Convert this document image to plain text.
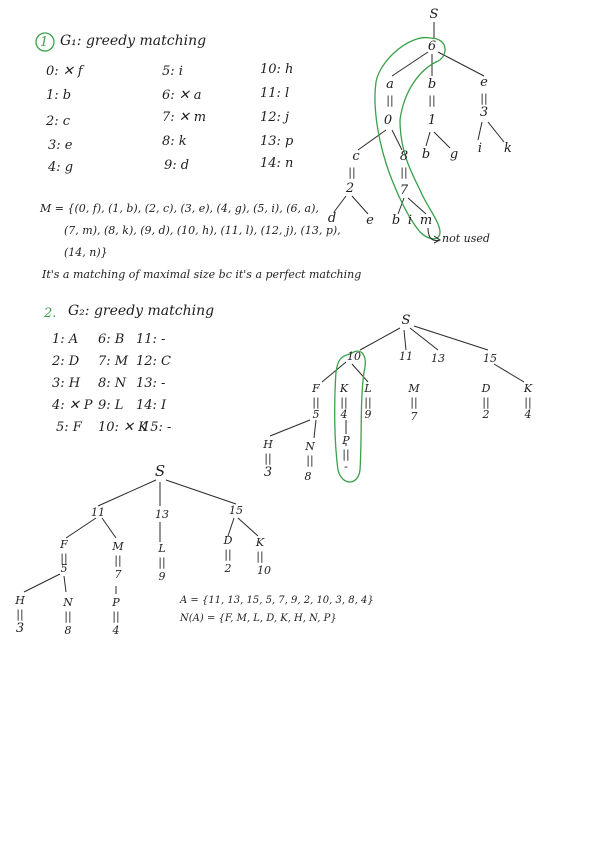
1 G₁: greedy matching
0: ✕ f	5: i	10: h
1: b	6: ✕ a	11: l
2: c	7: ✕ m	12: j
3: e	8: k	13: p
4: g	9: d	14: n
M = {(0, f), (1, b), (2, c), (3, e), (4, g), (5, i), (6, a),
(7, m), (8, k), (9, d), (10, h), (11, l), (12, j), (13, p),
(14, n)}
It's a matching of maximal size bc it's a perfect matching
S
6
a	b	e
||	||	||
0	1
3
c	8	b	g	i	k
||	||
2	7
d	e	b i m
not used
2. G₂: greedy matching
1: A 6: B 11: -
2: D 7: M 12: C
3: H 8: N 13: -
4: ✕ P 9: L 14: I
5: F 10: ✕ K
15: -
S
10	11 13	15
F	K	L	M	D	K
||	||	||	||	||	||
5	4	9	7	2	4
H	N	P
||	||	||
3	8
-
S
11	13	15
F	M	L
D	K
||	||	||
||	||
5	7	9
2	10
H	N	P
||	||	||
3	8	4
A = {11, 13, 15, 5, 7, 9, 2, 10, 3, 8, 4}
N(A) = {F, M, L, D, K, H, N, P}
